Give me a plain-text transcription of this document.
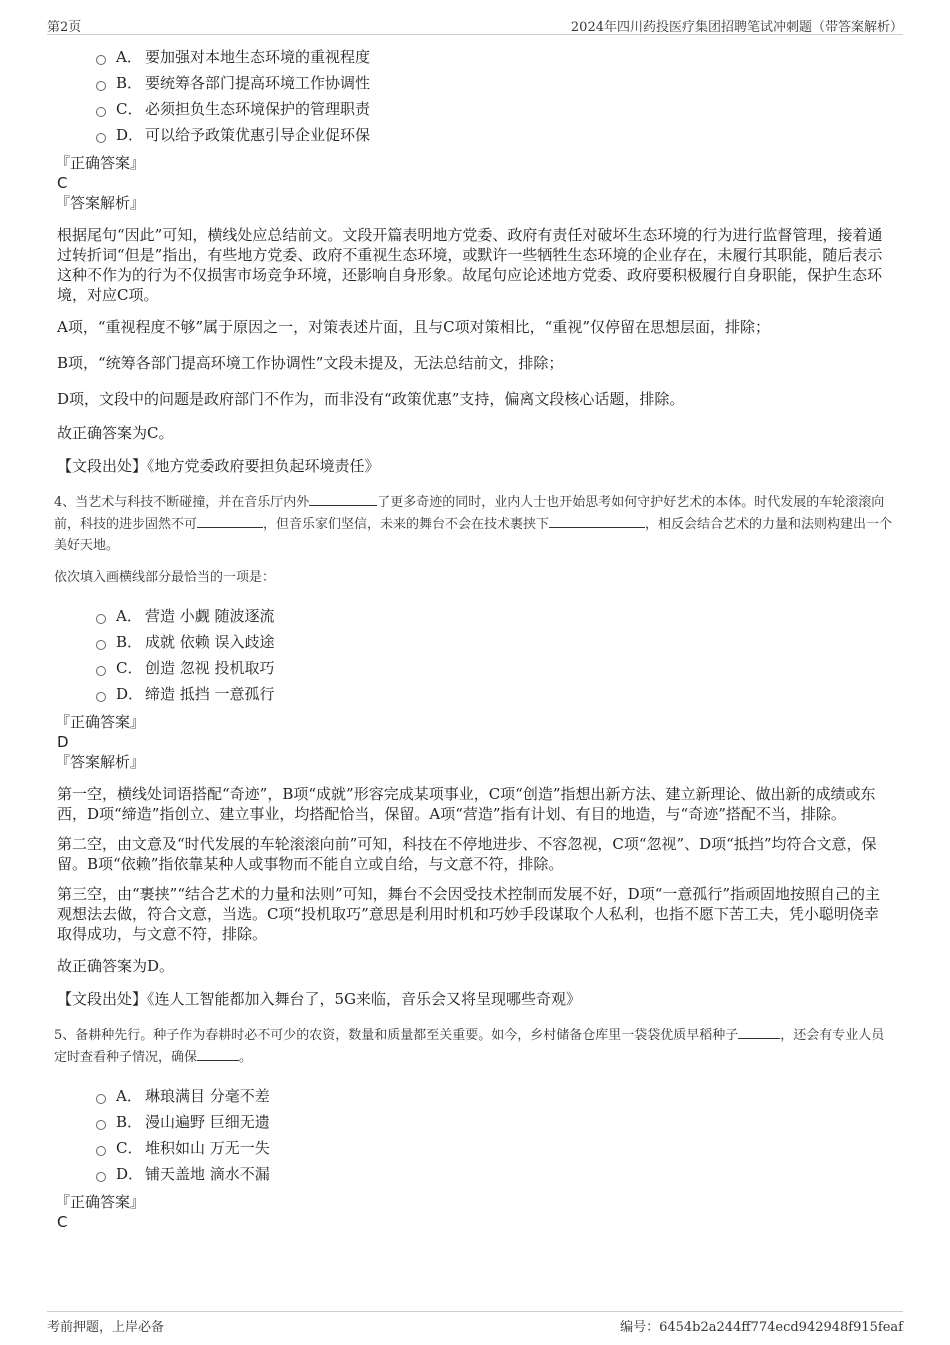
第2页	2024年四川药投医疗集团招聘笔试冲刺题（带答案解析）
A． 要加强对本地生态环境的重视程度
B． 要统筹各部门提高环境工作协调性
C． 必须担负生态环境保护的管理职责
D． 可以给予政策优惠引导企业促环保
『正确答案』
C
『答案解析』

根据尾句“因此”可知，横线处应总结前文。文段开篇表明地方党委、政府有责任对破坏生态环境的行为进行监督管理，接着通过转折词“但是”指出，有些地方党委、政府不重视生态环境，或默许一些牺牲生态环境的企业存在，未履行其职能，随后表示这种不作为的行为不仅损害市场竞争环境，还影响自身形象。故尾句应论述地方党委、政府要积极履行自身职能，保护生态环境，对应C项。

A项，“重视程度不够”属于原因之一，对策表述片面，且与C项对策相比，“重视”仅停留在思想层面，排除；

B项，“统筹各部门提高环境工作协调性”文段未提及，无法总结前文，排除；

D项，文段中的问题是政府部门不作为，而非没有“政策优惠”支持，偏离文段核心话题，排除。

故正确答案为C。

【文段出处】《地方党委政府要担负起环境责任》

4、当艺术与科技不断碰撞，并在音乐厅内外	了更多奇迹的同时，业内人士也开始思考如何守护好艺术的本体。时代发展的车轮滚滚向前，科技的进步固然不可	，但音乐家们坚信，未来的舞台不会在技术裹挟下	，相反会结合艺术的力量和法则构建出一个美好天地。
依次填入画横线部分最恰当的一项是：
A． 营造 小觑 随波逐流
B． 成就 依赖 误入歧途
C． 创造 忽视 投机取巧
D． 缔造 抵挡 一意孤行
『正确答案』
D
『答案解析』

第一空，横线处词语搭配“奇迹”，B项“成就”形容完成某项事业，C项“创造”指想出新方法、建立新理论、做出新的成绩或东西，D项“缔造”指创立、建立事业，均搭配恰当，保留。A项“营造”指有计划、有目的地造，与“奇迹”搭配不当，排除。

第二空，由文意及“时代发展的车轮滚滚向前”可知，科技在不停地进步、不容忽视，C项“忽视”、D项“抵挡”均符合文意，保留。B项“依赖”指依靠某种人或事物而不能自立或自给，与文意不符，排除。

第三空，由“裹挟”“结合艺术的力量和法则”可知，舞台不会因受技术控制而发展不好，D项“一意孤行”指顽固地按照自己的主观想法去做，符合文意，当选。C项“投机取巧”意思是利用时机和巧妙手段谋取个人私利，也指不愿下苦工夫，凭小聪明侥幸取得成功，与文意不符，排除。

故正确答案为D。

【文段出处】《连人工智能都加入舞台了，5G来临，音乐会又将呈现哪些奇观》

5、备耕种先行。种子作为春耕时必不可少的农资，数量和质量都至关重要。如今，乡村储备仓库里一袋袋优质早稻种子	，还会有专业人员定时查看种子情况，确保	。
A． 琳琅满目 分毫不差
B． 漫山遍野 巨细无遗
C． 堆积如山 万无一失
D． 铺天盖地 滴水不漏
『正确答案』
C
考前押题，上岸必备	编号：6454b2a244ff774ecd942948f915feaf
